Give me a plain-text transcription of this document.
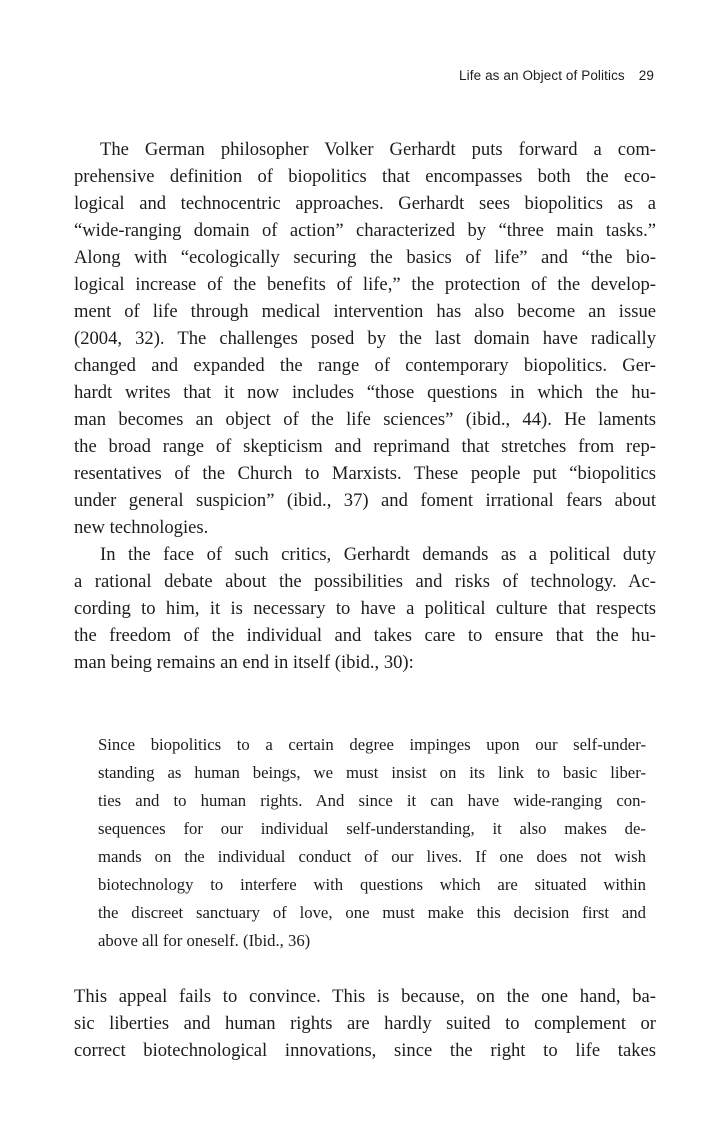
Life as an Object of Politics 29
The German philosopher Volker Gerhardt puts forward a com-
prehensive definition of biopolitics that encompasses both the eco-
logical and technocentric approaches. Gerhardt sees biopolitics as a
“wide-ranging domain of action” characterized by “three main tasks.”
Along with “ecologically securing the basics of life” and “the bio-
logical increase of the benefits of life,” the protection of the develop-
ment of life through medical intervention has also become an issue
(2004, 32). The challenges posed by the last domain have radically
changed and expanded the range of contemporary biopolitics. Ger-
hardt writes that it now includes “those questions in which the hu-
man becomes an object of the life sciences” (ibid., 44). He laments
the broad range of skepticism and reprimand that stretches from rep-
resentatives of the Church to Marxists. These people put “biopolitics
under general suspicion” (ibid., 37) and foment irrational fears about
new technologies.
In the face of such critics, Gerhardt demands as a political duty
a rational debate about the possibilities and risks of technology. Ac-
cording to him, it is necessary to have a political culture that respects
the freedom of the individual and takes care to ensure that the hu-
man being remains an end in itself (ibid., 30):
Since biopolitics to a certain degree impinges upon our self-under-
standing as human beings, we must insist on its link to basic liber-
ties and to human rights. And since it can have wide-ranging con-
sequences for our individual self-understanding, it also makes de-
mands on the individual conduct of our lives. If one does not wish
biotechnology to interfere with questions which are situated within
the discreet sanctuary of love, one must make this decision first and
above all for oneself. (Ibid., 36)
This appeal fails to convince. This is because, on the one hand, ba-
sic liberties and human rights are hardly suited to complement or
correct biotechnological innovations, since the right to life takes
